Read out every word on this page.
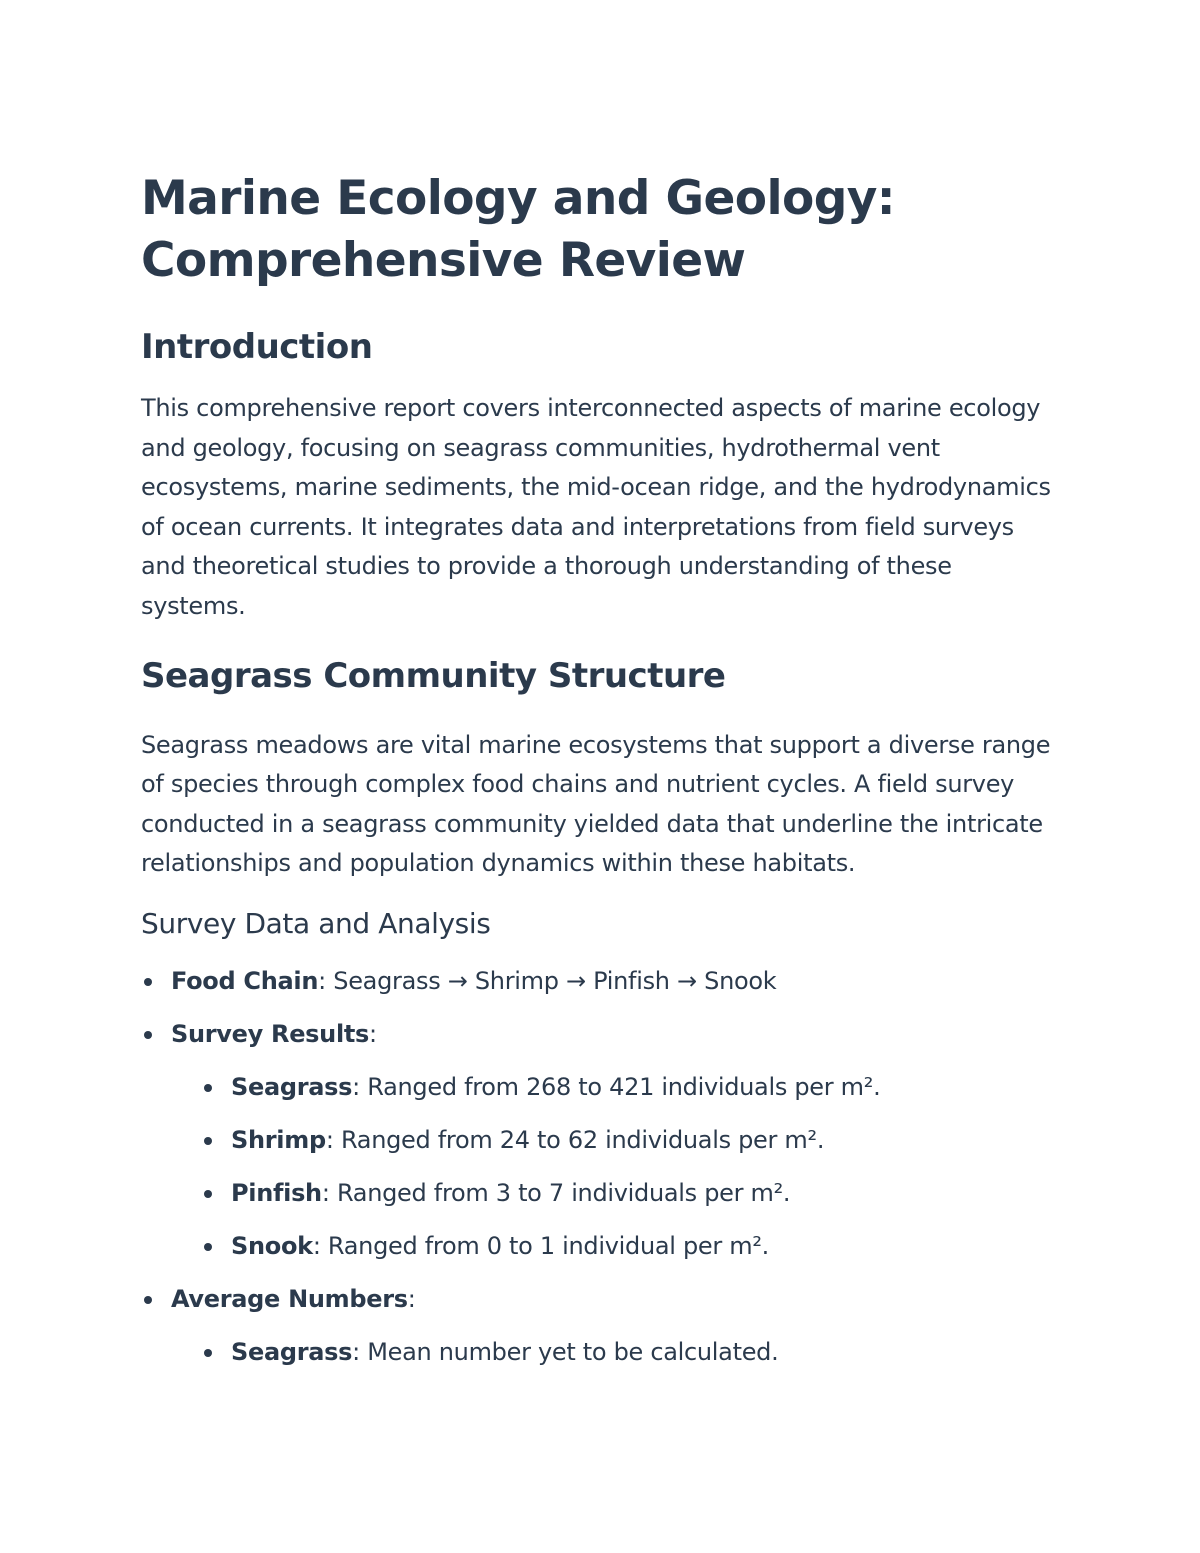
Marine Ecology and Geology:
Comprehensive Review
Introduction

This comprehensive report covers interconnected aspects of marine ecology and geology, focusing on seagrass communities, hydrothermal vent ecosystems, marine sediments, the mid-ocean ridge, and the hydrodynamics of ocean currents. It integrates data and interpretations from field surveys and theoretical studies to provide a thorough understanding of these systems.

Seagrass Community Structure

Seagrass meadows are vital marine ecosystems that support a diverse range of species through complex food chains and nutrient cycles. A field survey conducted in a seagrass community yielded data that underline the intricate relationships and population dynamics within these habitats.

Survey Data and Analysis
Food Chain: Seagrass → Shrimp → Pinfish → Snook
Survey Results:
Seagrass: Ranged from 268 to 421 individuals per m².
Shrimp: Ranged from 24 to 62 individuals per m².
Pinfish: Ranged from 3 to 7 individuals per m².
Snook: Ranged from 0 to 1 individual per m².
Average Numbers:
Seagrass: Mean number yet to be calculated.
